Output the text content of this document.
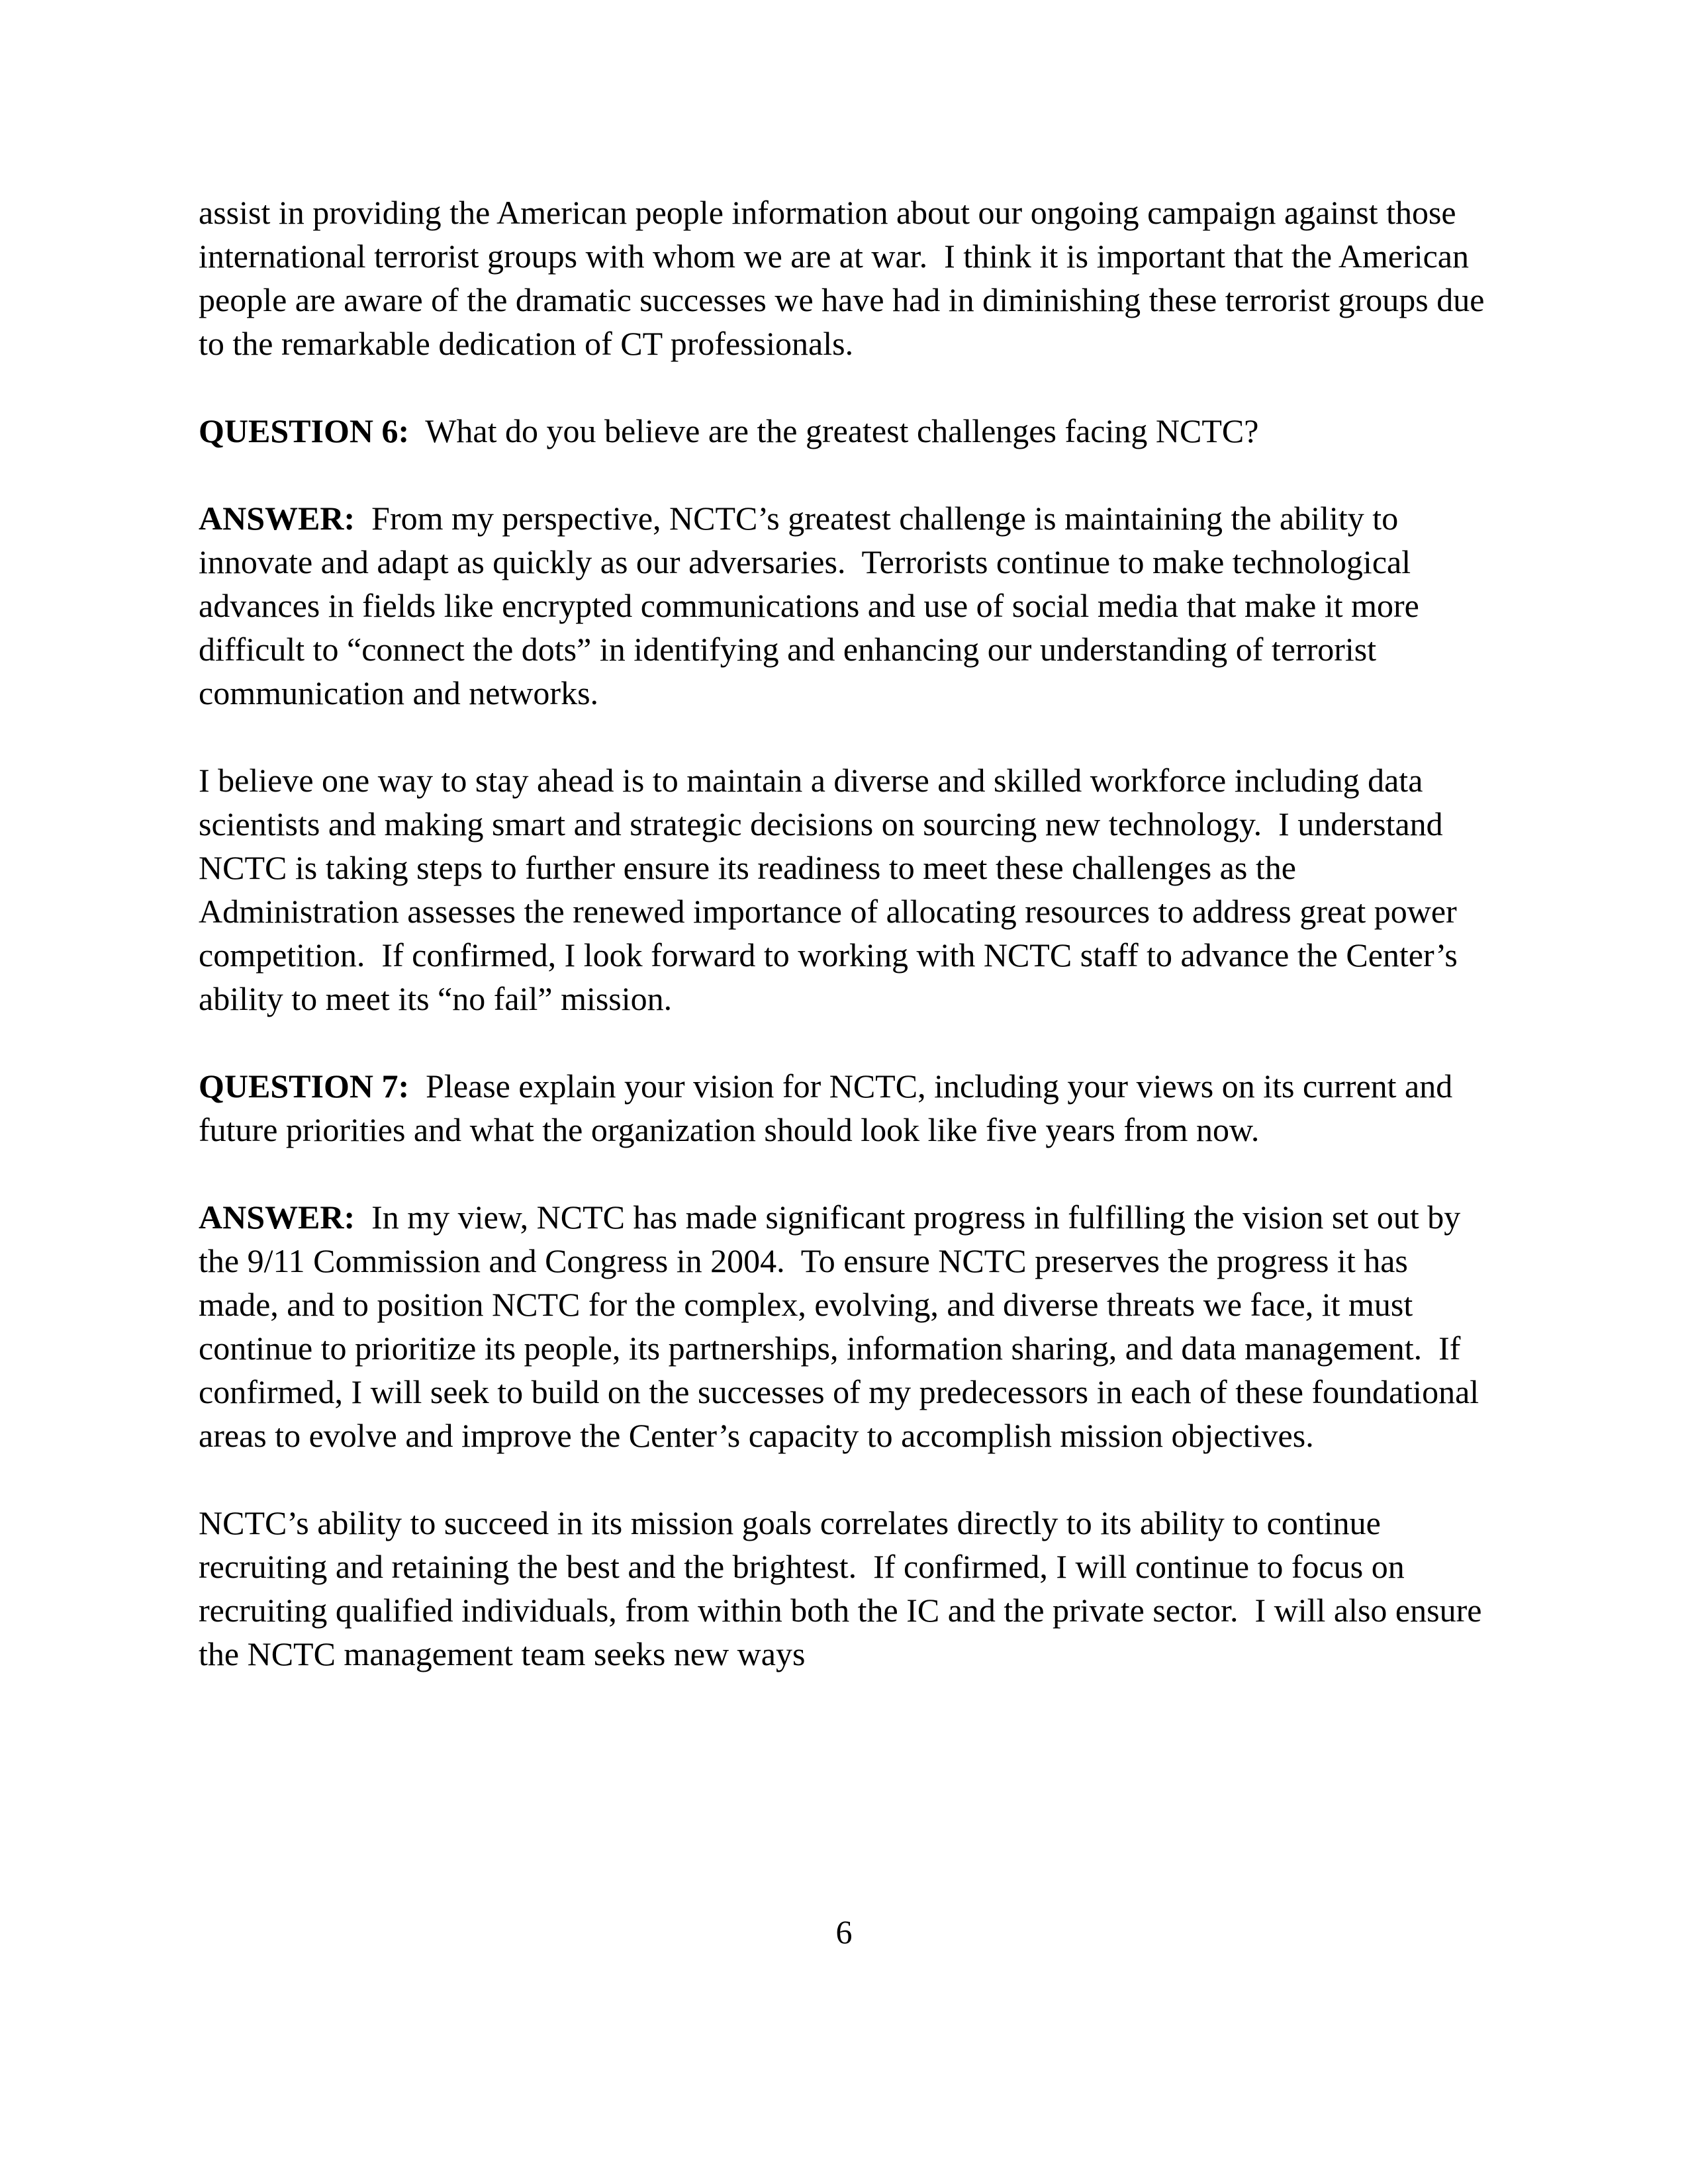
assist in providing the American people information about our ongoing campaign against those international terrorist groups with whom we are at war.  I think it is important that the American people are aware of the dramatic successes we have had in diminishing these terrorist groups due to the remarkable dedication of CT professionals.

QUESTION 6:  What do you believe are the greatest challenges facing NCTC?

ANSWER:  From my perspective, NCTC’s greatest challenge is maintaining the ability to innovate and adapt as quickly as our adversaries.  Terrorists continue to make technological advances in fields like encrypted communications and use of social media that make it more difficult to “connect the dots” in identifying and enhancing our understanding of terrorist communication and networks.

I believe one way to stay ahead is to maintain a diverse and skilled workforce including data scientists and making smart and strategic decisions on sourcing new technology.  I understand NCTC is taking steps to further ensure its readiness to meet these challenges as the Administration assesses the renewed importance of allocating resources to address great power competition.  If confirmed, I look forward to working with NCTC staff to advance the Center’s ability to meet its “no fail” mission.

QUESTION 7:  Please explain your vision for NCTC, including your views on its current and future priorities and what the organization should look like five years from now.

ANSWER:  In my view, NCTC has made significant progress in fulfilling the vision set out by the 9/11 Commission and Congress in 2004.  To ensure NCTC preserves the progress it has made, and to position NCTC for the complex, evolving, and diverse threats we face, it must continue to prioritize its people, its partnerships, information sharing, and data management.  If confirmed, I will seek to build on the successes of my predecessors in each of these foundational areas to evolve and improve the Center’s capacity to accomplish mission objectives.

NCTC’s ability to succeed in its mission goals correlates directly to its ability to continue recruiting and retaining the best and the brightest.  If confirmed, I will continue to focus on recruiting qualified individuals, from within both the IC and the private sector.  I will also ensure the NCTC management team seeks new ways

6
